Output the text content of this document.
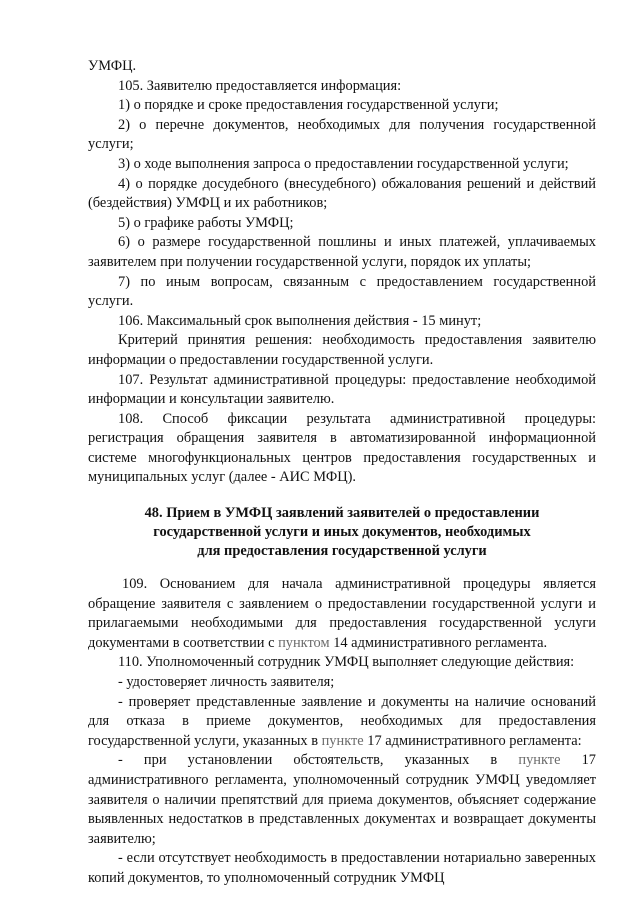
УМФЦ.

105. Заявителю предоставляется информация:

1) о порядке и сроке предоставления государственной услуги;

2) о перечне документов, необходимых для получения государственной услуги;

3) о ходе выполнения запроса о предоставлении государственной услуги;

4) о порядке досудебного (внесудебного) обжалования решений и действий (бездействия) УМФЦ и их работников;

5) о графике работы УМФЦ;

6) о размере государственной пошлины и иных платежей, уплачиваемых заявителем при получении государственной услуги, порядок их уплаты;

7) по иным вопросам, связанным с предоставлением государственной услуги.

106. Максимальный срок выполнения действия - 15 минут;

Критерий принятия решения: необходимость предоставления заявителю информации о предоставлении государственной услуги.

107. Результат административной процедуры: предоставление необходимой информации и консультации заявителю.

108. Способ фиксации результата административной процедуры: регистрация обращения заявителя в автоматизированной информационной системе многофункциональных центров предоставления государственных и муниципальных услуг (далее - АИС МФЦ).

48. Прием в УМФЦ заявлений заявителей о предоставлении
государственной услуги и иных документов, необходимых
для предоставления государственной услуги

109. Основанием для начала административной процедуры является обращение заявителя с заявлением о предоставлении государственной услуги и прилагаемыми необходимыми для предоставления государственной услуги документами в соответствии с пунктом 14 административного регламента.

110. Уполномоченный сотрудник УМФЦ выполняет следующие действия:

- удостоверяет личность заявителя;

- проверяет представленные заявление и документы на наличие оснований для отказа в приеме документов, необходимых для предоставления государственной услуги, указанных в пункте 17 административного регламента:

- при установлении обстоятельств, указанных в пункте 17 административного регламента, уполномоченный сотрудник УМФЦ уведомляет заявителя о наличии препятствий для приема документов, объясняет содержание выявленных недостатков в представленных документах и возвращает документы заявителю;

- если отсутствует необходимость в предоставлении нотариально заверенных копий документов, то уполномоченный сотрудник УМФЦ
